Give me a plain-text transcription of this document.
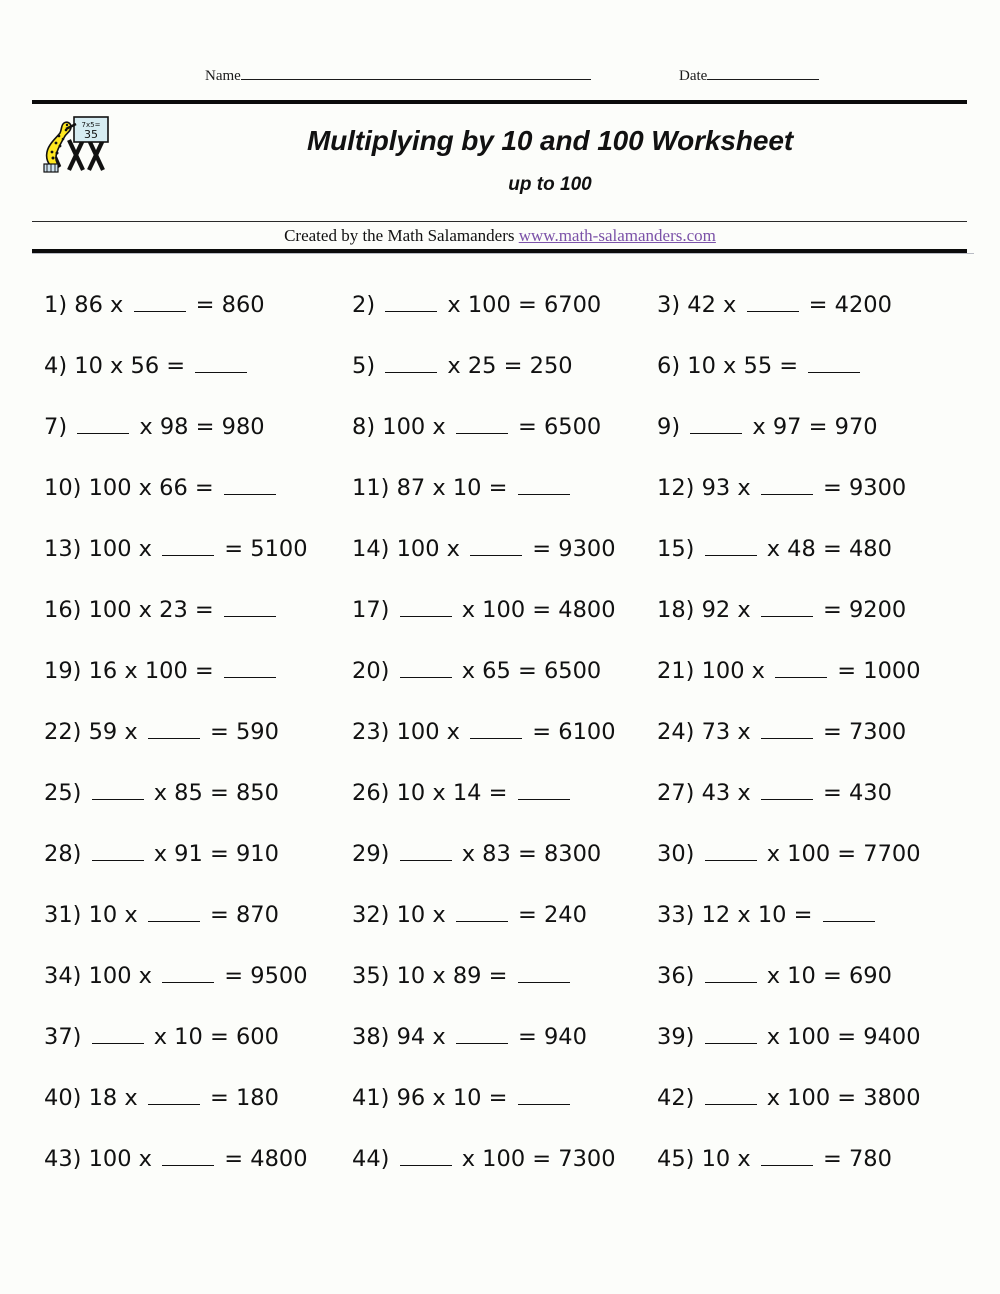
Name	Date
7x5=
35	Multiplying by 10 and 100 Worksheet
up to 100
Created by the Math Salamanders www.math-salamanders.com
1) 86 x	= 860	2)	x 100 = 6700 3) 42 x	= 4200
4) 10 x 56 =	5)	x 25 = 250	6) 10 x 55 =
7)	x 98 = 980	8) 100 x	= 6500 9)	x 97 = 970
10) 100 x 66 =	11) 87 x 10 =	12) 93 x	= 9300
13) 100 x	= 5100 14) 100 x	= 9300 15)	x 48 = 480
16) 100 x 23 =	17)	x 100 = 4800 18) 92 x	= 9200
19) 16 x 100 =	20)	x 65 = 6500 21) 100 x	= 1000
22) 59 x	= 590	23) 100 x	= 6100 24) 73 x	= 7300
25)	x 85 = 850	26) 10 x 14 =	27) 43 x	= 430
28)	x 91 = 910	29)	x 83 = 8300 30)	x 100 = 7700
31) 10 x	= 870	32) 10 x	= 240	33) 12 x 10 =
34) 100 x	= 9500 35) 10 x 89 =	36)	x 10 = 690
37)	x 10 = 600	38) 94 x	= 940	39)	x 100 = 9400
40) 18 x	= 180	41) 96 x 10 =	42)	x 100 = 3800
43) 100 x	= 4800 44)	x 100 = 7300 45) 10 x	= 780
